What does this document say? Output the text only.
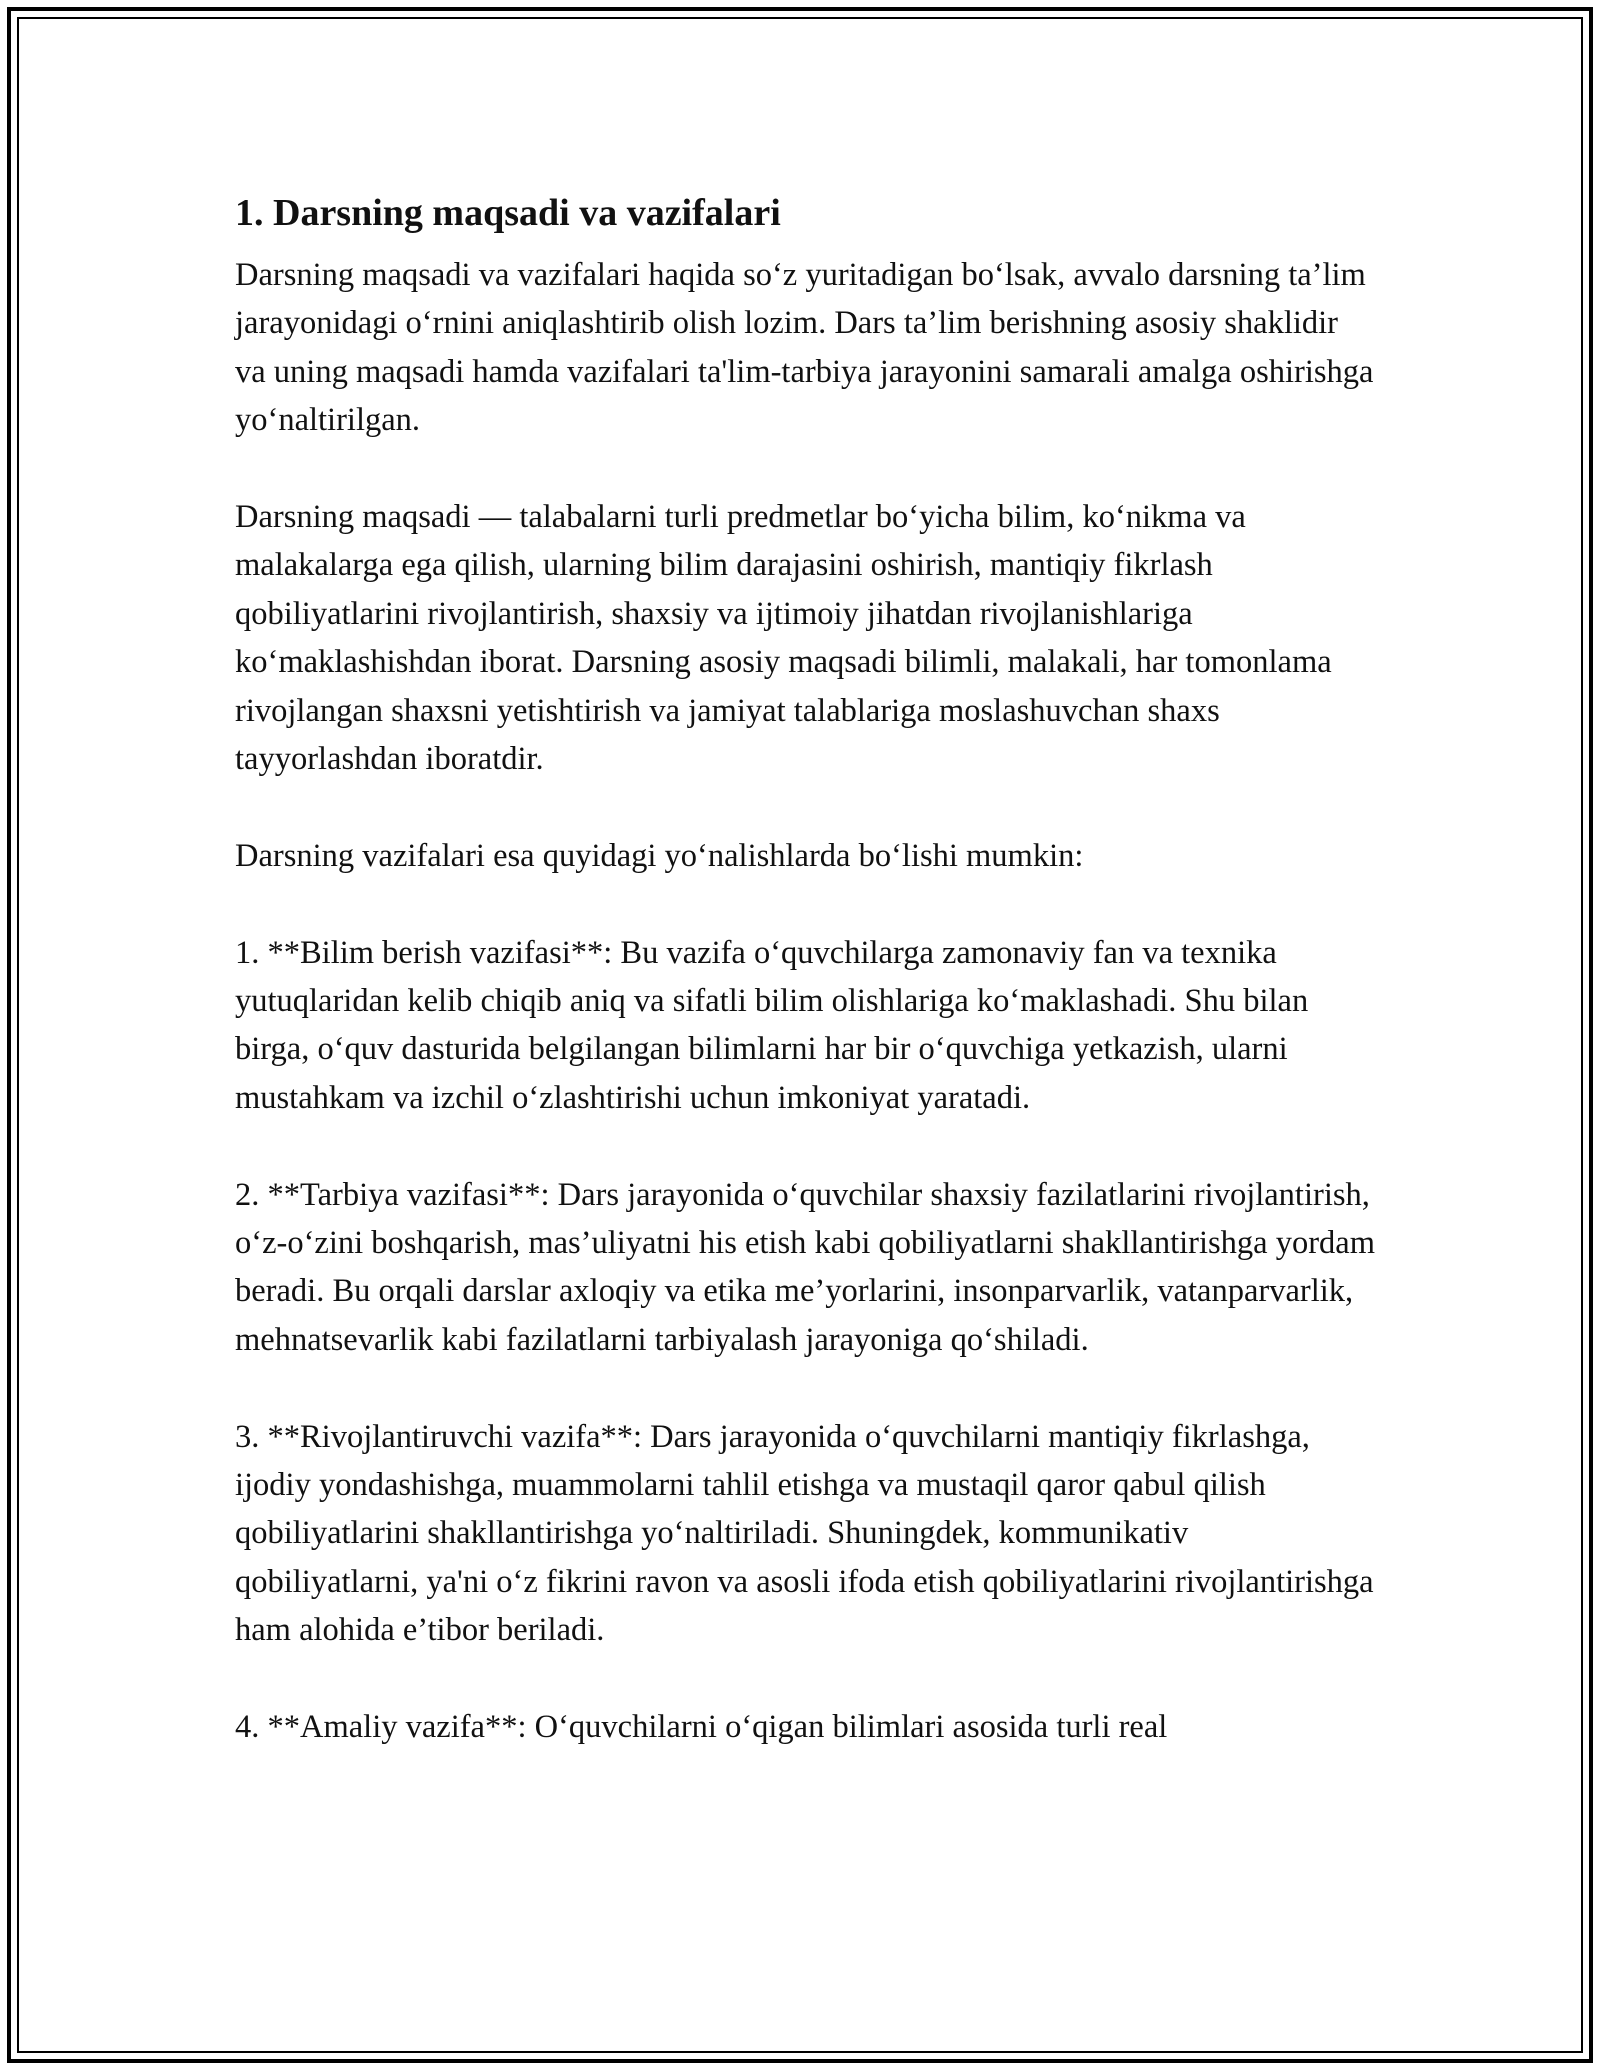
1. Darsning maqsadi va vazifalari

Darsning maqsadi va vazifalari haqida so‘z yuritadigan bo‘lsak, avvalo darsning ta’lim jarayonidagi o‘rnini aniqlashtirib olish lozim. Dars ta’lim berishning asosiy shaklidir va uning maqsadi hamda vazifalari ta'lim-tarbiya jarayonini samarali amalga oshirishga yo‘naltirilgan.

Darsning maqsadi — talabalarni turli predmetlar bo‘yicha bilim, ko‘nikma va malakalarga ega qilish, ularning bilim darajasini oshirish, mantiqiy fikrlash qobiliyatlarini rivojlantirish, shaxsiy va ijtimoiy jihatdan rivojlanishlariga ko‘maklashishdan iborat. Darsning asosiy maqsadi bilimli, malakali, har tomonlama rivojlangan shaxsni yetishtirish va jamiyat talablariga moslashuvchan shaxs tayyorlashdan iboratdir.

Darsning vazifalari esa quyidagi yo‘nalishlarda bo‘lishi mumkin:

1. **Bilim berish vazifasi**: Bu vazifa o‘quvchilarga zamonaviy fan va texnika yutuqlaridan kelib chiqib aniq va sifatli bilim olishlariga ko‘maklashadi. Shu bilan birga, o‘quv dasturida belgilangan bilimlarni har bir o‘quvchiga yetkazish, ularni mustahkam va izchil o‘zlashtirishi uchun imkoniyat yaratadi.

2. **Tarbiya vazifasi**: Dars jarayonida o‘quvchilar shaxsiy fazilatlarini rivojlantirish, o‘z-o‘zini boshqarish, mas’uliyatni his etish kabi qobiliyatlarni shakllantirishga yordam beradi. Bu orqali darslar axloqiy va etika me’yorlarini, insonparvarlik, vatanparvarlik, mehnatsevarlik kabi fazilatlarni tarbiyalash jarayoniga qo‘shiladi.

3. **Rivojlantiruvchi vazifa**: Dars jarayonida o‘quvchilarni mantiqiy fikrlashga, ijodiy yondashishga, muammolarni tahlil etishga va mustaqil qaror qabul qilish qobiliyatlarini shakllantirishga yo‘naltiriladi. Shuningdek, kommunikativ qobiliyatlarni, ya'ni o‘z fikrini ravon va asosli ifoda etish qobiliyatlarini rivojlantirishga ham alohida e’tibor beriladi.

4. **Amaliy vazifa**: O‘quvchilarni o‘qigan bilimlari asosida turli real
